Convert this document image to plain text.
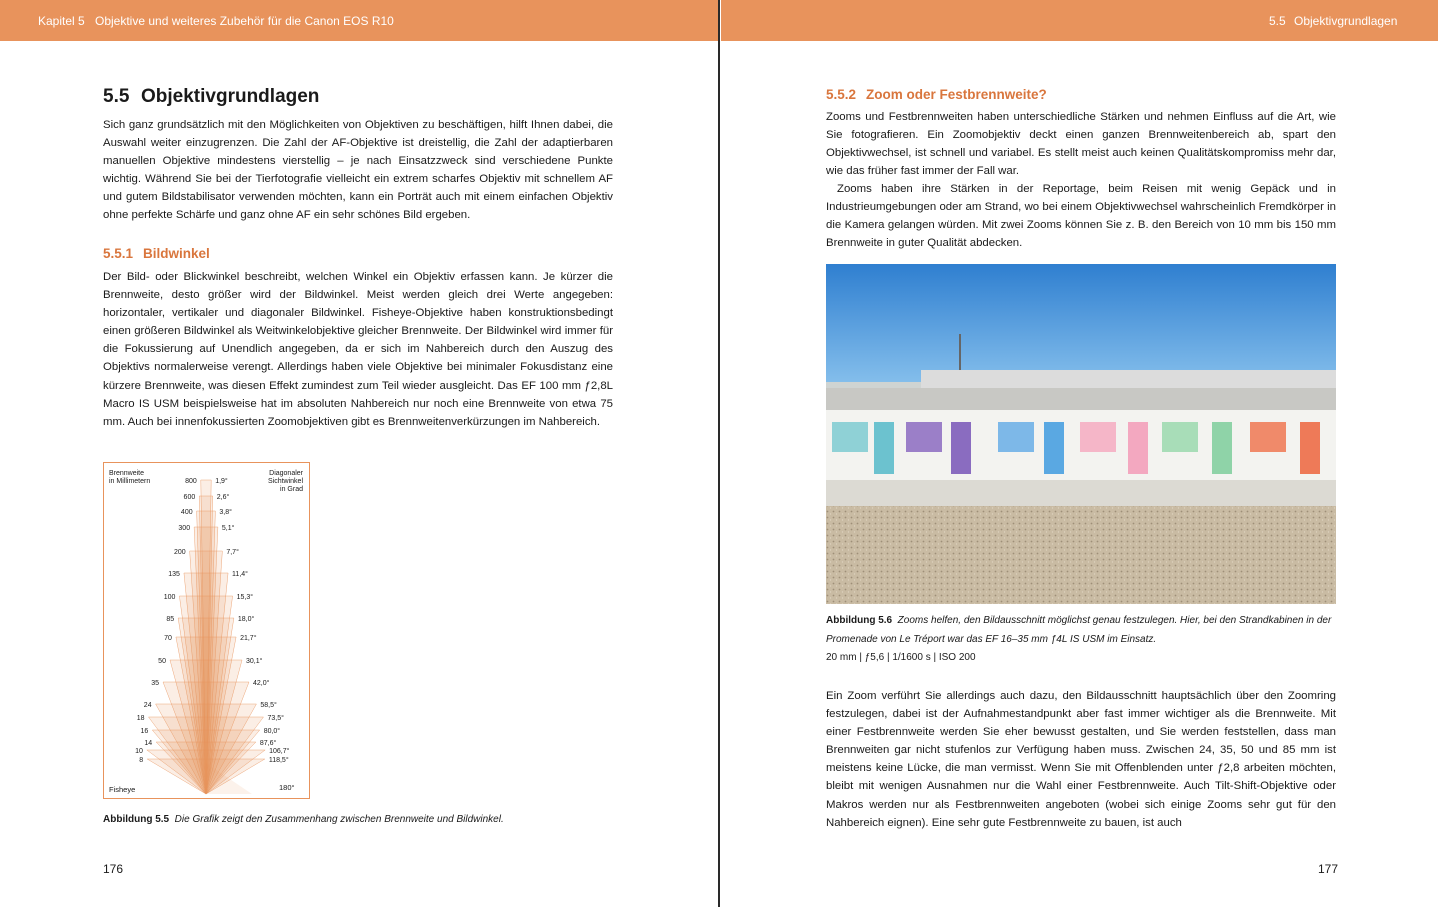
Kapitel 5 Objektive und weiteres Zubehör für die Canon EOS R10
5.5 Objektivgrundlagen
Sich ganz grundsätzlich mit den Möglichkeiten von Objektiven zu beschäftigen, hilft Ihnen dabei, die Auswahl weiter einzugrenzen. Die Zahl der AF-Objektive ist dreistellig, die Zahl der adaptierbaren manuellen Objektive mindestens vierstellig – je nach Einsatzzweck sind verschiedene Punkte wichtig. Während Sie bei der Tierfotografie vielleicht ein extrem scharfes Objektiv mit schnellem AF und gutem Bildstabilisator verwenden möchten, kann ein Porträt auch mit einem einfachen Objektiv ohne perfekte Schärfe und ganz ohne AF ein sehr schönes Bild ergeben.
5.5.1 Bildwinkel
Der Bild- oder Blickwinkel beschreibt, welchen Winkel ein Objektiv erfassen kann. Je kürzer die Brennweite, desto größer wird der Bildwinkel. Meist werden gleich drei Werte angegeben: horizontaler, vertikaler und diagonaler Bildwinkel. Fisheye-Objektive haben konstruktionsbedingt einen größeren Bildwinkel als Weitwinkelobjektive gleicher Brennweite. Der Bildwinkel wird immer für die Fokussierung auf Unendlich angegeben, da er sich im Nahbereich durch den Auszug des Objektivs normalerweise verengt. Allerdings haben viele Objektive bei minimaler Fokusdistanz eine kürzere Brennweite, was diesen Effekt zumindest zum Teil wieder ausgleicht. Das EF 100 mm ƒ2,8L Macro IS USM beispielsweise hat im absoluten Nahbereich nur noch eine Brennweite von etwa 75 mm. Auch bei innenfokussierten Zoomobjektiven gibt es Brennweitenverkürzungen im Nahbereich.
Brennweite
in Millimetern
Diagonaler
Sichtwinkel
in Grad
800
600
400
300
200
135
100
85
70
50
35
24
18
16
14
10
8
1,9°
2,6°
3,8°
5,1°
7,7°
11,4°
15,3°
18,0°
21,7°
30,1°
42,0°
58,5°
73,5°
80,0°
87,6°
106,7°
118,5°
Fisheye	180°
Abbildung 5.5 Die Grafik zeigt den Zusammenhang zwischen Brennweite und Bildwinkel.
176
5.5 Objektivgrundlagen
5.5.2 Zoom oder Festbrennweite?
Zooms und Festbrennweiten haben unterschiedliche Stärken und nehmen Einfluss auf die Art, wie Sie fotografieren. Ein Zoomobjektiv deckt einen ganzen Brennweitenbereich ab, spart den Objektivwechsel, ist schnell und variabel. Es stellt meist auch keinen Qualitätskompromiss mehr dar, wie das früher fast immer der Fall war.
Zooms haben ihre Stärken in der Reportage, beim Reisen mit wenig Gepäck und in Industrieumgebungen oder am Strand, wo bei einem Objektivwechsel wahrscheinlich Fremdkörper in die Kamera gelangen würden. Mit zwei Zooms können Sie z. B. den Bereich von 10 mm bis 150 mm Brennweite in guter Qualität abdecken.
Abbildung 5.6 Zooms helfen, den Bildausschnitt möglichst genau festzulegen. Hier, bei den Strandkabinen in der Promenade von Le Tréport war das EF 16–35 mm ƒ4L IS USM im Einsatz.
20 mm | ƒ5,6 | 1/1600 s | ISO 200
Ein Zoom verführt Sie allerdings auch dazu, den Bildausschnitt hauptsächlich über den Zoomring festzulegen, dabei ist der Aufnahmestandpunkt aber fast immer wichtiger als die Brennweite. Mit einer Festbrennweite werden Sie eher bewusst gestalten, und Sie werden feststellen, dass man Brennweiten gar nicht stufenlos zur Verfügung haben muss. Zwischen 24, 35, 50 und 85 mm ist meistens keine Lücke, die man vermisst. Wenn Sie mit Offenblenden unter ƒ2,8 arbeiten möchten, bleibt mit wenigen Ausnahmen nur die Wahl einer Festbrennweite. Auch Tilt-Shift-Objektive oder Makros werden nur als Festbrennweiten angeboten (wobei sich einige Zooms sehr gut für den Nahbereich eignen). Eine sehr gute Festbrennweite zu bauen, ist auch
177
